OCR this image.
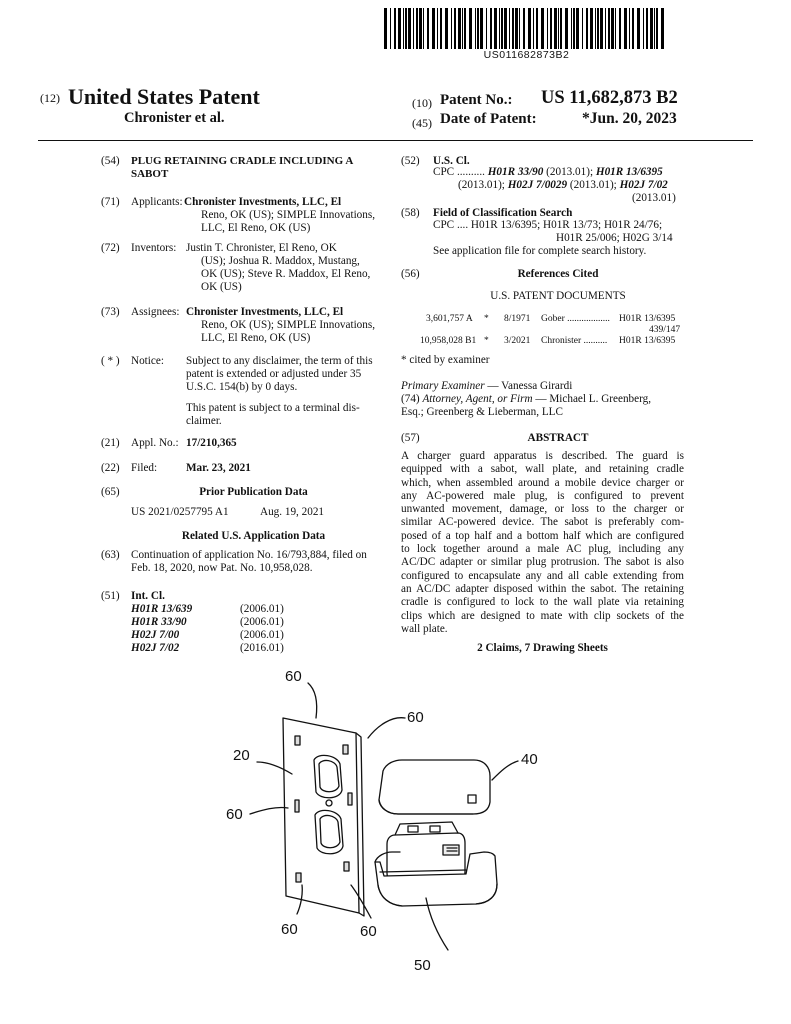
US011682873B2
(12) United States Patent
Chronister et al.
(10) Patent No.: US 11,682,873 B2
(45) Date of Patent:	*Jun. 20, 2023
(54) PLUG RETAINING CRADLE INCLUDING A SABOT
(71) Applicants: Chronister Investments, LLC, El
Reno, OK (US); SIMPLE Innovations,
LLC, El Reno, OK (US)
(72) Inventors: Justin T. Chronister, El Reno, OK
(US); Joshua R. Maddox, Mustang,
OK (US); Steve R. Maddox, El Reno,
OK (US)
(73) Assignees: Chronister Investments, LLC, El
Reno, OK (US); SIMPLE Innovations,
LLC, El Reno, OK (US)
( * ) Notice: Subject to any disclaimer, the term of this
patent is extended or adjusted under 35
U.S.C. 154(b) by 0 days.
This patent is subject to a terminal dis-
claimer.
(21) Appl. No.: 17/210,365
(22) Filed:	Mar. 23, 2021
(65)	Prior Publication Data
US 2021/0257795 A1	Aug. 19, 2021
Related U.S. Application Data
(63) Continuation of application No. 16/793,884, filed on
Feb. 18, 2020, now Pat. No. 10,958,028.
(51) Int. Cl.
H01R 13/639	(2006.01)
H01R 33/90	(2006.01)
H02J 7/00	(2006.01)
H02J 7/02	(2016.01)
(52) U.S. Cl.
CPC .......... H01R 33/90 (2013.01); H01R 13/6395
(2013.01); H02J 7/0029 (2013.01); H02J 7/02
(2013.01)
(58) Field of Classification Search
CPC .... H01R 13/6395; H01R 13/73; H01R 24/76;
H01R 25/006; H02G 3/14
See application file for complete search history.
(56)	References Cited
U.S. PATENT DOCUMENTS
3,601,757 A * 8/1971 Gober .................. H01R 13/6395
439/147
10,958,028 B1 * 3/2021 Chronister .......... H01R 13/6395
* cited by examiner
Primary Examiner — Vanessa Girardi
(74) Attorney, Agent, or Firm — Michael L. Greenberg,
Esq.; Greenberg & Lieberman, LLC
(57)	ABSTRACT
A charger guard apparatus is described. The guard is
equipped with a sabot, wall plate, and retaining cradle
which, when assembled around a mobile device charger or
any AC-powered male plug, is configured to prevent
unwanted movement, damage, or loss to the charger or
similar AC-powered device. The sabot is preferably com-
posed of a top half and a bottom half which are configured
to lock together around a male AC plug, including any
AC/DC adapter or similar plug protrusion. The sabot is also
configured to encapsulate any and all cable extending from
an AC/DC adapter disposed within the sabot. The retaining
cradle is configured to lock to the wall plate via retaining
clips which are designed to mate with clip sockets of the
wall plate.
2 Claims, 7 Drawing Sheets
60
60
20	40
60
60	60
50
